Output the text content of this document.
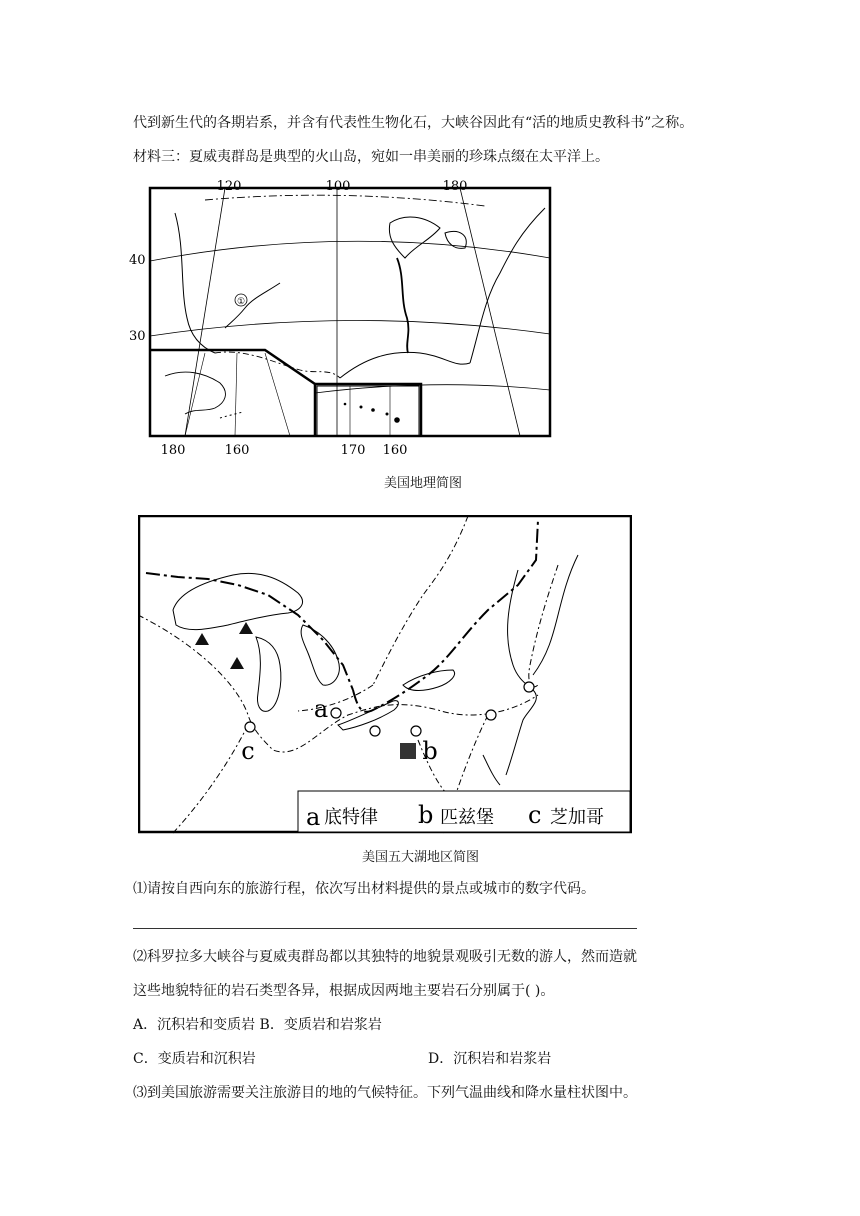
代到新生代的各期岩系，并含有代表性生物化石，大峡谷因此有“活的地质史教科书”之称。
材料三：夏威夷群岛是典型的火山岛，宛如一串美丽的珍珠点缀在太平洋上。
①
120	100	180
40
30
180	160	170 160
美国地理简图
a
b
c
a 底特律 b 匹兹堡 c 芝加哥
美国五大湖地区简图
⑴请按自西向东的旅游行程，依次写出材料提供的景点或城市的数字代码。
⑵科罗拉多大峡谷与夏威夷群岛都以其独特的地貌景观吸引无数的游人，然而造就
这些地貌特征的岩石类型各异，根据成因两地主要岩石分别属于( )。
A．沉积岩和变质岩 B．变质岩和岩浆岩
C．变质岩和沉积岩	D．沉积岩和岩浆岩
⑶到美国旅游需要关注旅游目的地的气候特征。下列气温曲线和降水量柱状图中。
